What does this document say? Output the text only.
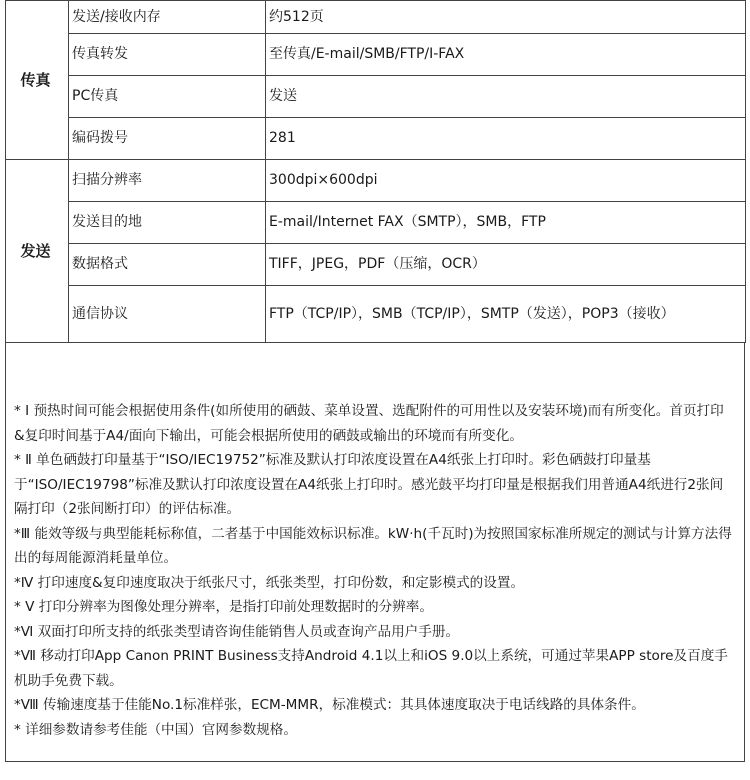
传真	发送/接收内存	约512页
	传真转发	至传真/E-mail/SMB/FTP/I-FAX
	PC传真	发送
	编码拨号	281
发送	扫描分辨率	300dpi×600dpi
	发送目的地	E-mail/Internet FAX（SMTP），SMB，FTP
	数据格式	TIFF，JPEG，PDF（压缩，OCR）
	通信协议	FTP（TCP/IP），SMB（TCP/IP），SMTP（发送），POP3（接收）

* Ⅰ 预热时间可能会根据使用条件(如所使用的硒鼓、菜单设置、选配附件的可用性以及安装环境)而有所变化。首页打印&复印时间基于A4/面向下输出，可能会根据所使用的硒鼓或输出的环境而有所变化。

* Ⅱ 单色硒鼓打印量基于“ISO/IEC19752”标准及默认打印浓度设置在A4纸张上打印时。彩色硒鼓打印量基于“ISO/IEC19798”标准及默认打印浓度设置在A4纸张上打印时。感光鼓平均打印量是根据我们用普通A4纸进行2张间隔打印（2张间断打印）的评估标准。

*Ⅲ 能效等级与典型能耗标称值，二者基于中国能效标识标准。kW·h(千瓦时)为按照国家标准所规定的测试与计算方法得出的每周能源消耗量单位。

*Ⅳ 打印速度&复印速度取决于纸张尺寸，纸张类型，打印份数，和定影模式的设置。

* Ⅴ 打印分辨率为图像处理分辨率，是指打印前处理数据时的分辨率。

*Ⅵ 双面打印所支持的纸张类型请咨询佳能销售人员或查询产品用户手册。

*Ⅶ 移动打印App Canon PRINT Business支持Android 4.1以上和iOS 9.0以上系统，可通过苹果APP store及百度手机助手免费下载。

*Ⅷ 传输速度基于佳能No.1标准样张，ECM-MMR，标准模式：其具体速度取决于电话线路的具体条件。

* 详细参数请参考佳能（中国）官网参数规格。
